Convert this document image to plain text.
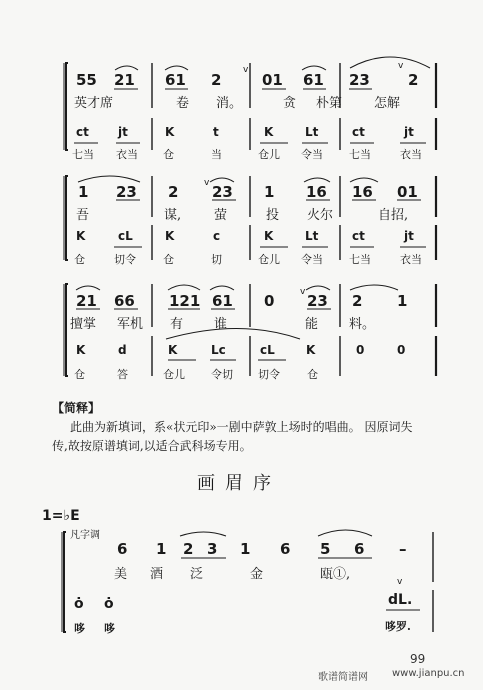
55 21 61 2	01 61 23	2
英才席	卷 消。	贪 朴第 怎解
ct jt	K	t	K	Lt	ct	jt
七当 衣当 仓	当	仓儿 令当 七当	衣当
1 23 2 23 1 16 16 01
吾	谋,	萤	投 火尔	自招,
K	cL	K	c	K	Lt	ct	jt
仓	切令 仓	切	仓儿 令当 七当	衣当
21 66 121 61 0 23 2 1
擅掌 军机 有 谁	能 料。
K	d	K	Lc	cL	K	0	0
仓	答	仓儿 令切 切令 仓
【简释】
此曲为新填词，系«状元印»一剧中萨敦上场时的唱曲。 因原词失
传,故按原谱填词,以适合武科场专用。
画眉序
1=♭E
凡字调
6 1 2 3 1 6 5 6 –
美 酒 泛	金	瓯①,
ȯ ȯ	dL.
哆 哆	哆罗.
99
歌谱简谱网 www.jianpu.cn
v	v
v
v
v
